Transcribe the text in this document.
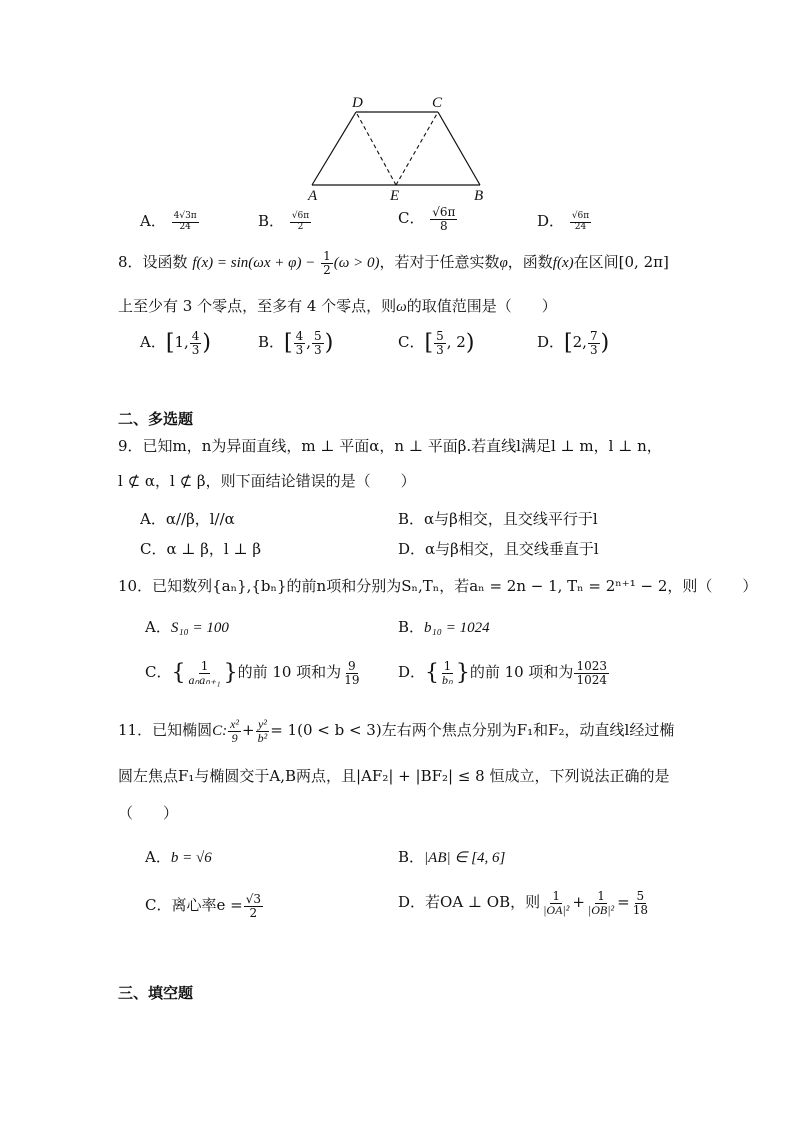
D	C
A	E	B
A． $\frac{4√3\pi}{24}$	B． $\frac{√6\pi}{2}$	C． $\frac{√6\pi}{8}$	D． $\frac{√6\pi}{24}$
8．设函数 $f(x) = \sin(\omega x + \varphi) - \frac{1}{2} (\omega > 0)$，若对于任意实数φ，函数f(x)在区间[0, 2π]
上至少有 3 个零点，至多有 4 个零点，则ω的取值范围是（　　）
A．[1, $\frac{4}{3}$ )	B．[ $\frac{4}{3}$ , $\frac{5}{3}$ )	C．[ $\frac{5}{3}$ , 2)	D．[2, $\frac{7}{3}$ )
二、多选题
9．已知m，n为异面直线，m ⊥ 平面α，n ⊥ 平面β.若直线l满足l ⊥ m，l ⊥ n，
l ⊄ α，l ⊄ β，则下面结论错误的是（　　）
A．α//β，l//α	B．α与β相交，且交线平行于l
C．α ⊥ β，l ⊥ β	D．α与β相交，且交线垂直于l
10．已知数列{aₙ},{bₙ}的前n项和分别为Sₙ,Tₙ，若aₙ = 2n − 1, Tₙ = 2ⁿ⁺¹ − 2，则（　　）
A．S₁₀ = 100	B．b₁₀ = 1024
C．{ $\frac{1}{\text{aₙaₙ₊₁}}$ }的前 10 项和为 $\frac{9}{19}$ D．{ $\frac{1}{\text{bₙ}}$ }的前 10 项和为 $\frac{1023}{1024}$
11．已知椭圆C: $\frac{\text{x²}}{9} + \frac{\text{y²}}{\text{b²}} = 1(0 < b < 3)$左右两个焦点分别为F₁和F₂，动直线l经过椭
圆左焦点F₁与椭圆交于A,B两点，且|AF₂| + |BF₂| ≤ 8 恒成立，下列说法正确的是
（　　）
A．b = √6	B．|AB| ∈ [4, 6]
C．离心率$e = \frac{√3}{2}$	D．若OA ⊥ OB，则 $\frac{1}{\text{|OA|²}} + \frac{1}{\text{|OB|²}} = \frac{5}{18}$
三、填空题
